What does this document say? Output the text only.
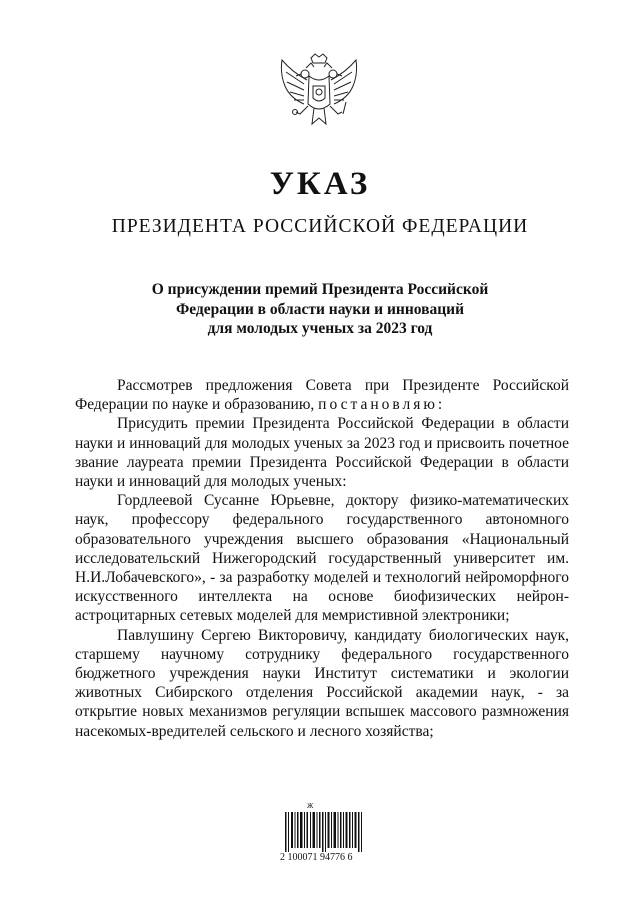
УКАЗ
ПРЕЗИДЕНТА РОССИЙСКОЙ ФЕДЕРАЦИИ
О присуждении премий Президента Российской
Федерации в области науки и инноваций
для молодых ученых за 2023 год

Рассмотрев предложения Совета при Президенте Российской Федерации по науке и образованию, постановляю:

Присудить премии Президента Российской Федерации в области науки и инноваций для молодых ученых за 2023 год и присвоить почетное звание лауреата премии Президента Российской Федерации в области науки и инноваций для молодых ученых:

Гордлеевой Сусанне Юрьевне, доктору физико-математических наук, профессору федерального государственного автономного образовательного учреждения высшего образования «Национальный исследовательский Нижегородский государственный университет им. Н.И.Лобачевского», - за разработку моделей и технологий нейроморфного искусственного интеллекта на основе биофизических нейрон-астроцитарных сетевых моделей для мемристивной электроники;

Павлушину Сергею Викторовичу, кандидату биологических наук, старшему научному сотруднику федерального государственного бюджетного учреждения науки Институт систематики и экологии животных Сибирского отделения Российской академии наук, - за открытие новых механизмов регуляции вспышек массового размножения насекомых-вредителей сельского и лесного хозяйства;

Ж
2 100071 94776 6
